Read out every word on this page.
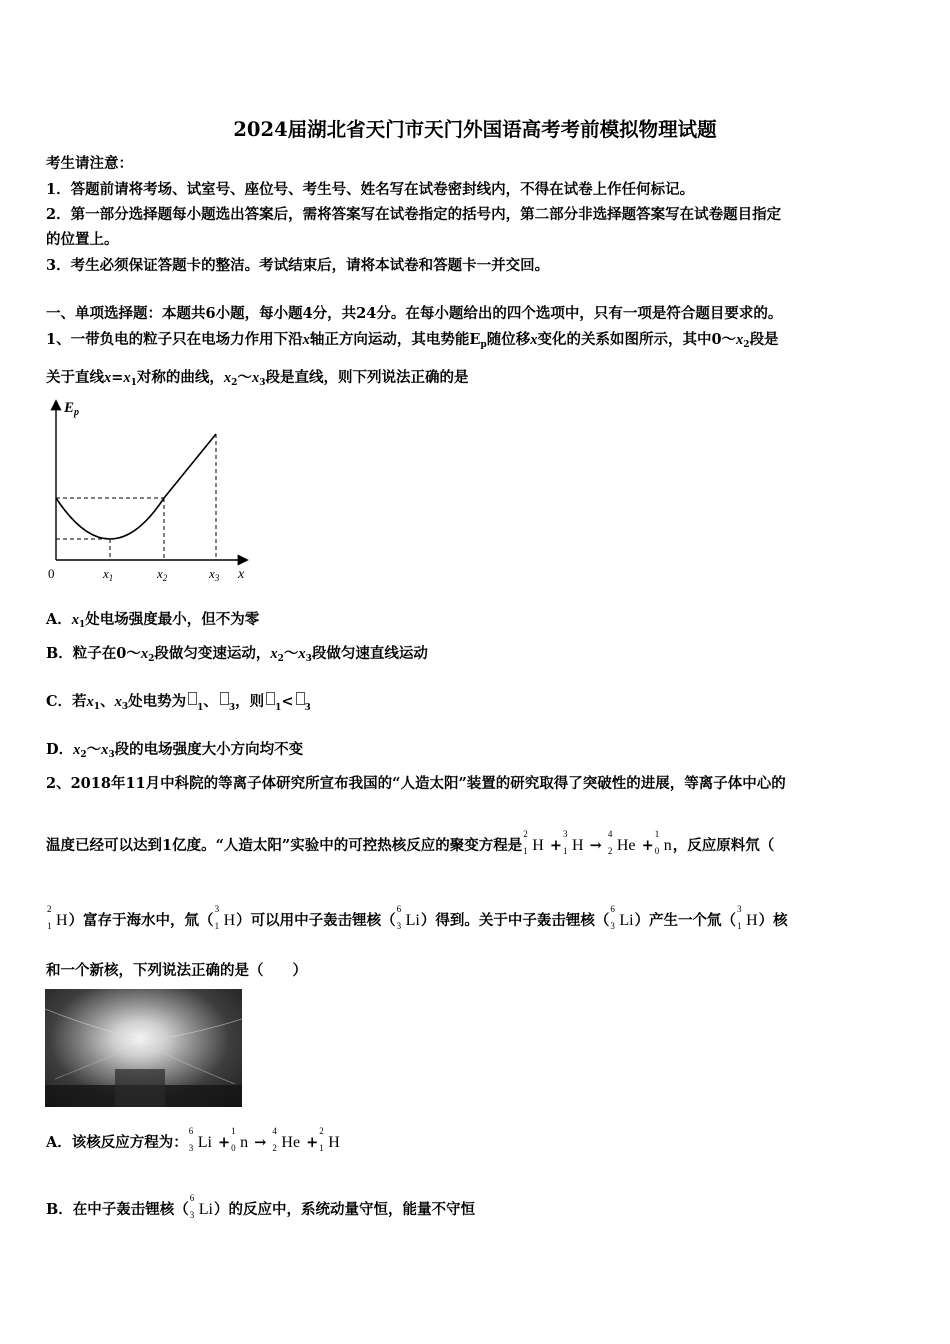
2024届湖北省天门市天门外国语高考考前模拟物理试题
考生请注意：
1．答题前请将考场、试室号、座位号、考生号、姓名写在试卷密封线内，不得在试卷上作任何标记。
2．第一部分选择题每小题选出答案后，需将答案写在试卷指定的括号内，第二部分非选择题答案写在试卷题目指定
的位置上。
3．考生必须保证答题卡的整洁。考试结束后，请将本试卷和答题卡一并交回。
一、单项选择题：本题共6小题，每小题4分，共24分。在每小题给出的四个选项中，只有一项是符合题目要求的。
1、一带负电的粒子只在电场力作用下沿x轴正方向运动，其电势能$E_p$随位移x变化的关系如图所示，其中$0\sim x_2$段是
关于直线$x=x_1$对称的曲线，$x_2\sim x_3$段是直线，则下列说法正确的是
$E_p$
0	$x_1$	$x_2$	$x_3$ x
A．$x_1$处电场强度最小，但不为零
B．粒子在$0\sim x_2$段做匀变速运动，$x_2\sim x_3$段做匀速直线运动
C．若$x_1$、$x_3$处电势为 $_1$、 $_3$，则 $_1$< $_3$
D．$x_2\sim x_3$段的电场强度大小方向均不变
2、2018年11月中科院的等离子体研究所宣布我国的“人造太阳”装置的研究取得了突破性的进展，等离子体中心的
温度已经可以达到1亿度。“人造太阳”实验中的可控热核反应的聚变方程是
2
1 H +
3
1 H →
4
2 He +
1
0 n，反应原料氘（
2
1 H）富存于海水中，氚（
3
1 H）可以用中子轰击锂核（
6
3 Li）得到。关于中子轰击锂核（
6
3 Li）产生一个氚（
3
1 H）核
和一个新核，下列说法正确的是（　　）
A．该核反应方程为：
6
3 Li +
1
0 n →
4
2 He +
2
1 H
B．在中子轰击锂核（
6
3 Li）的反应中，系统动量守恒，能量不守恒
